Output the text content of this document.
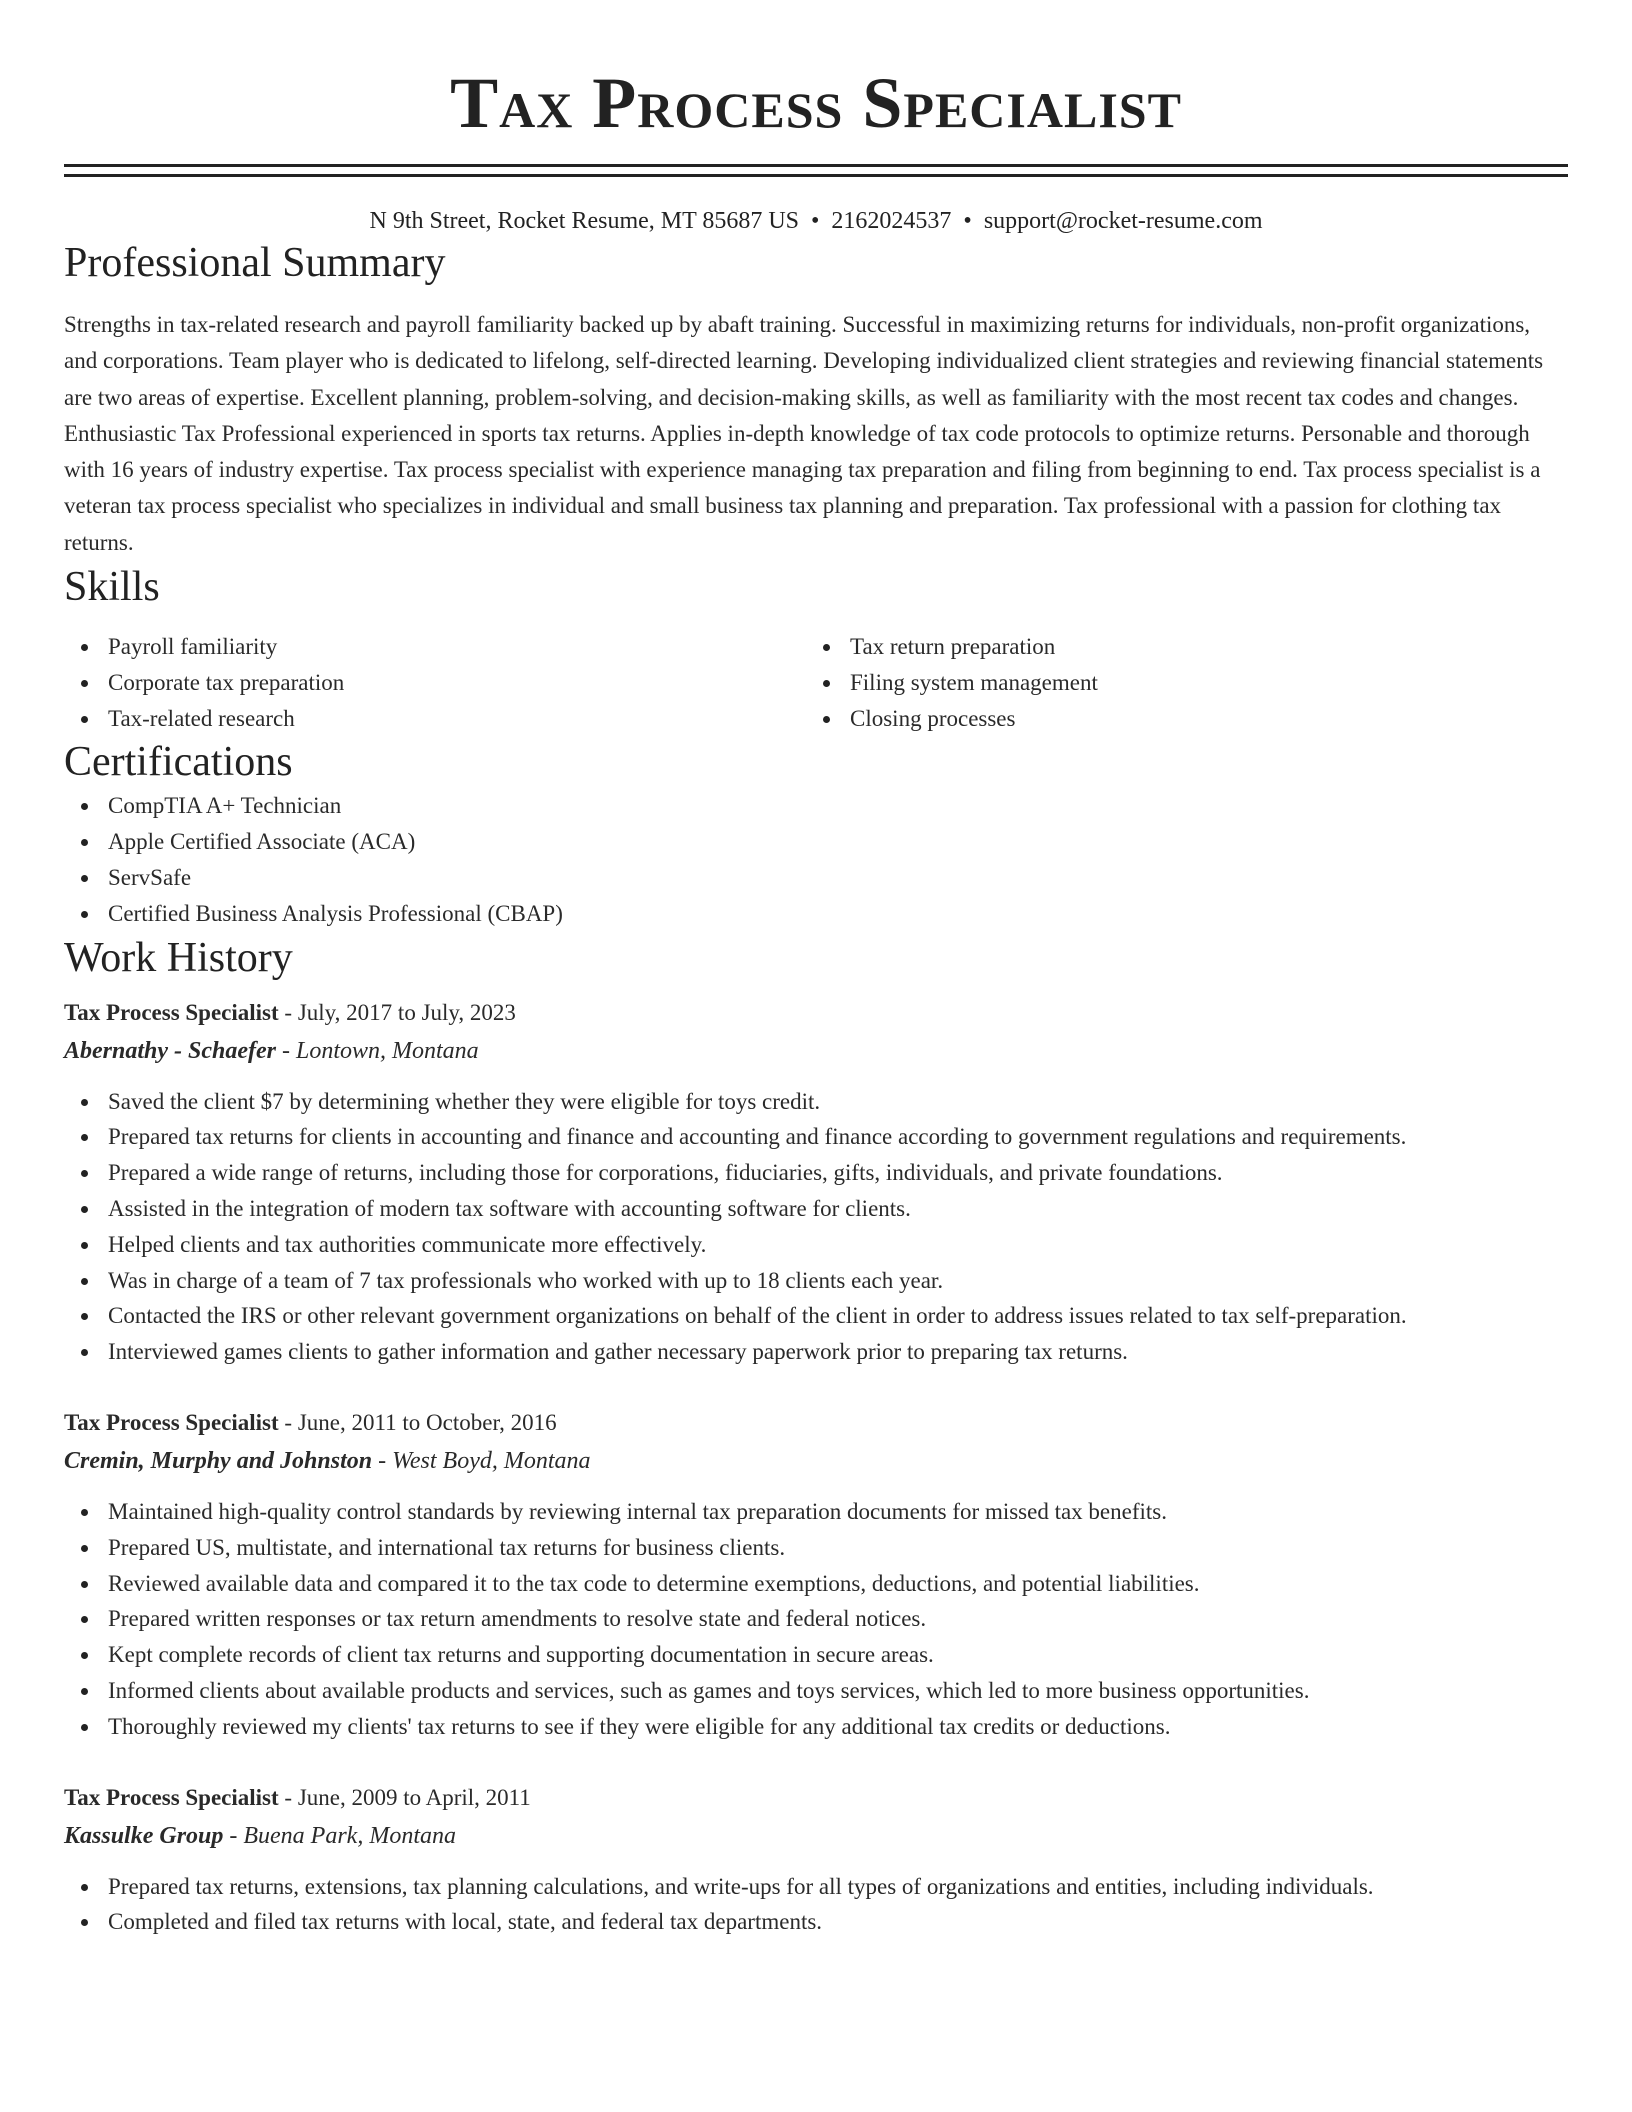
Tax Process Specialist
N 9th Street, Rocket Resume, MT 85687 US • 2162024537 • support@rocket-resume.com
Professional Summary
Strengths in tax-related research and payroll familiarity backed up by abaft training. Successful in maximizing returns for individuals, non-profit organizations, and corporations. Team player who is dedicated to lifelong, self-directed learning. Developing individualized client strategies and reviewing financial statements are two areas of expertise. Excellent planning, problem-solving, and decision-making skills, as well as familiarity with the most recent tax codes and changes. Enthusiastic Tax Professional experienced in sports tax returns. Applies in-depth knowledge of tax code protocols to optimize returns. Personable and thorough with 16 years of industry expertise. Tax process specialist with experience managing tax preparation and filing from beginning to end. Tax process specialist is a veteran tax process specialist who specializes in individual and small business tax planning and preparation. Tax professional with a passion for clothing tax returns.
Skills
Payroll familiarity
Corporate tax preparation
Tax-related research
Tax return preparation
Filing system management
Closing processes
Certifications
CompTIA A+ Technician
Apple Certified Associate (ACA)
ServSafe
Certified Business Analysis Professional (CBAP)
Work History
Tax Process Specialist - July, 2017 to July, 2023
Abernathy - Schaefer - Lontown, Montana
Saved the client $7 by determining whether they were eligible for toys credit.
Prepared tax returns for clients in accounting and finance and accounting and finance according to government regulations and requirements.
Prepared a wide range of returns, including those for corporations, fiduciaries, gifts, individuals, and private foundations.
Assisted in the integration of modern tax software with accounting software for clients.
Helped clients and tax authorities communicate more effectively.
Was in charge of a team of 7 tax professionals who worked with up to 18 clients each year.
Contacted the IRS or other relevant government organizations on behalf of the client in order to address issues related to tax self-preparation.
Interviewed games clients to gather information and gather necessary paperwork prior to preparing tax returns.
Tax Process Specialist - June, 2011 to October, 2016
Cremin, Murphy and Johnston - West Boyd, Montana
Maintained high-quality control standards by reviewing internal tax preparation documents for missed tax benefits.
Prepared US, multistate, and international tax returns for business clients.
Reviewed available data and compared it to the tax code to determine exemptions, deductions, and potential liabilities.
Prepared written responses or tax return amendments to resolve state and federal notices.
Kept complete records of client tax returns and supporting documentation in secure areas.
Informed clients about available products and services, such as games and toys services, which led to more business opportunities.
Thoroughly reviewed my clients' tax returns to see if they were eligible for any additional tax credits or deductions.
Tax Process Specialist - June, 2009 to April, 2011
Kassulke Group - Buena Park, Montana
Prepared tax returns, extensions, tax planning calculations, and write-ups for all types of organizations and entities, including individuals.
Completed and filed tax returns with local, state, and federal tax departments.
